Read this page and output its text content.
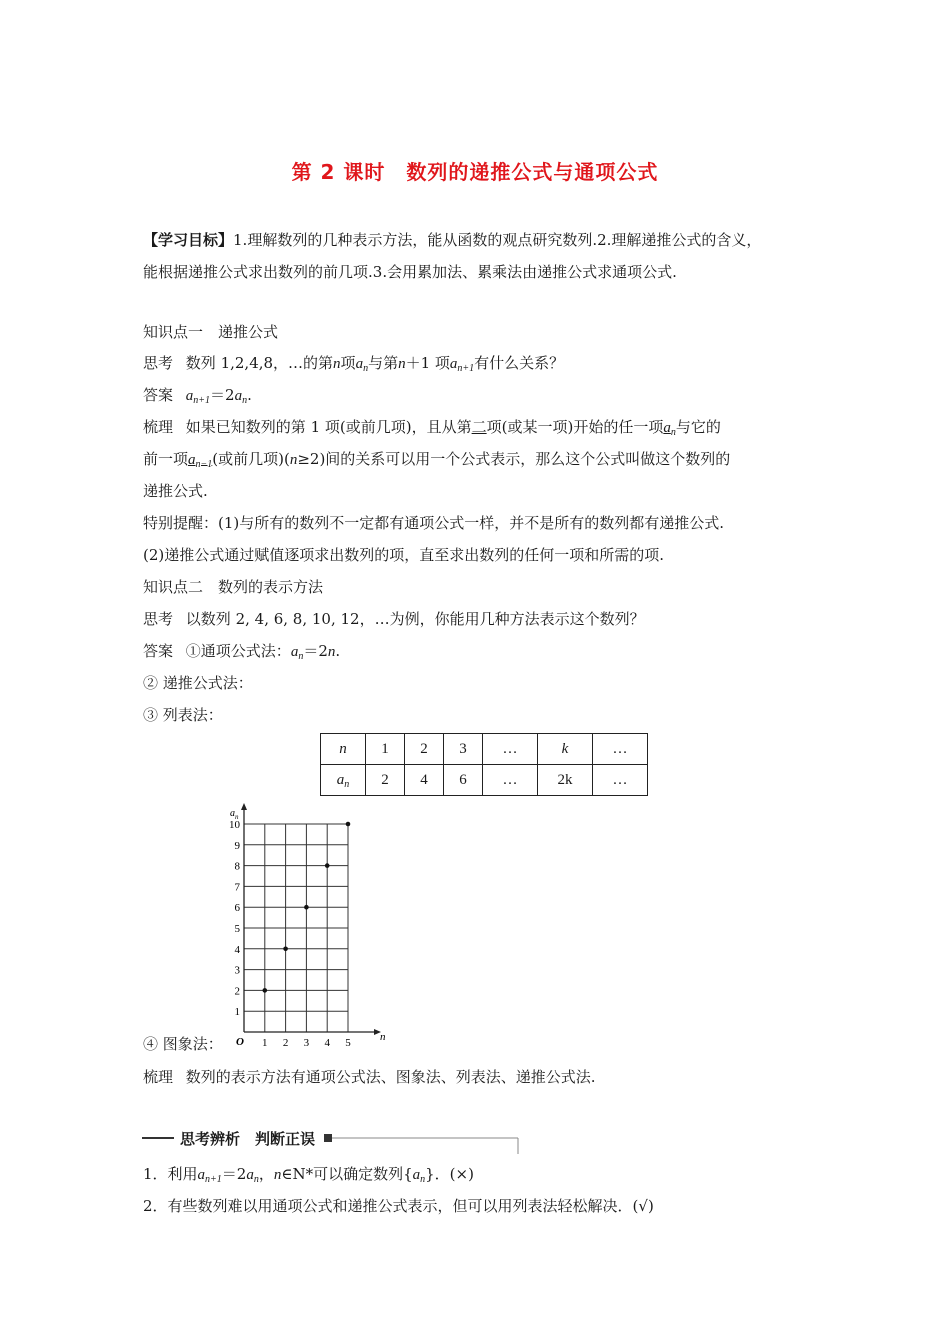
第 2 课时　数列的递推公式与通项公式
【学习目标】1.理解数列的几种表示方法，能从函数的观点研究数列.2.理解递推公式的含义，
能根据递推公式求出数列的前几项.3.会用累加法、累乘法由递推公式求通项公式.
知识点一　递推公式
思考 数列 1,2,4,8，…的第n项$a_n$与第n＋1 项$a_{n+1}$有什么关系？
答案 $a_{n+1}=2a_n$.
梳理 如果已知数列的第 1 项(或前几项)，且从第二项(或某一项)开始的任一项$a_n$与它的
前一项$a_{n-1}$(或前几项)(n≥2)间的关系可以用一个公式表示，那么这个公式叫做这个数列的
递推公式.
特别提醒：(1)与所有的数列不一定都有通项公式一样，并不是所有的数列都有递推公式.
(2)递推公式通过赋值逐项求出数列的项，直至求出数列的任何一项和所需的项.
知识点二　数列的表示方法
思考 以数列 2, 4, 6, 8, 10, 12，…为例，你能用几种方法表示这个数列？
答案 ①通项公式法：$a_n=2n$.
② 递推公式法：
③ 列表法：
n	1	2	3	…	k	…
$a_n$	2	4	6	…	2k	…
1
2
3
4
5
6
7
8
9
10
1 2 3 4 5
$a_n$
n
O
④ 图象法：
梳理 数列的表示方法有通项公式法、图象法、列表法、递推公式法.
思考辨析　判断正误
1．利用$a_{n+1}=2a_n$，n∈N*可以确定数列$\{a_n\}$．(×)
2．有些数列难以用通项公式和递推公式表示，但可以用列表法轻松解决．(√)
